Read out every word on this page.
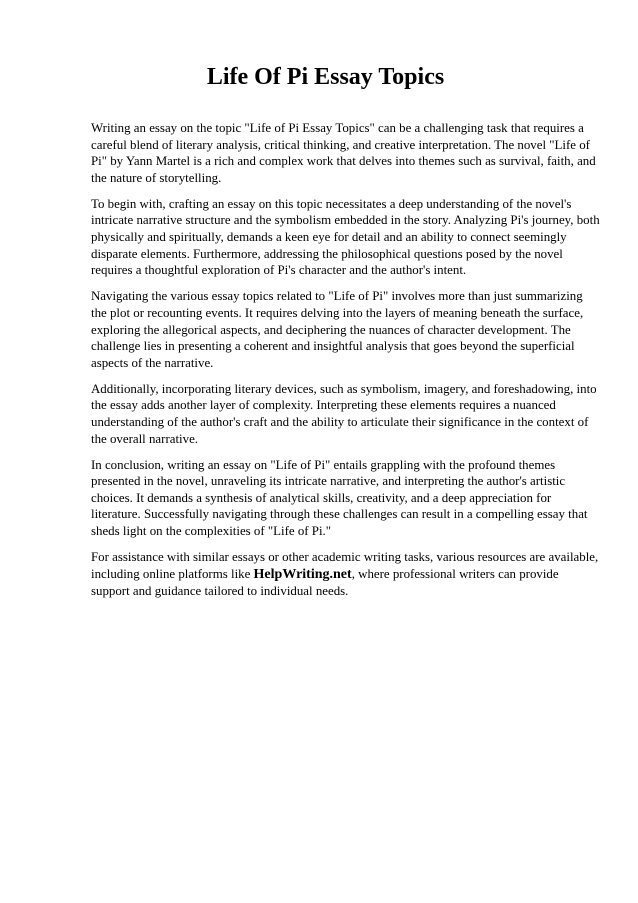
Life Of Pi Essay Topics

Writing an essay on the topic "Life of Pi Essay Topics" can be a challenging task that requires a careful blend of literary analysis, critical thinking, and creative interpretation. The novel "Life of Pi" by Yann Martel is a rich and complex work that delves into themes such as survival, faith, and the nature of storytelling.

To begin with, crafting an essay on this topic necessitates a deep understanding of the novel's intricate narrative structure and the symbolism embedded in the story. Analyzing Pi's journey, both physically and spiritually, demands a keen eye for detail and an ability to connect seemingly disparate elements. Furthermore, addressing the philosophical questions posed by the novel requires a thoughtful exploration of Pi's character and the author's intent.

Navigating the various essay topics related to "Life of Pi" involves more than just summarizing the plot or recounting events. It requires delving into the layers of meaning beneath the surface, exploring the allegorical aspects, and deciphering the nuances of character development. The challenge lies in presenting a coherent and insightful analysis that goes beyond the superficial aspects of the narrative.

Additionally, incorporating literary devices, such as symbolism, imagery, and foreshadowing, into the essay adds another layer of complexity. Interpreting these elements requires a nuanced understanding of the author's craft and the ability to articulate their significance in the context of the overall narrative.

In conclusion, writing an essay on "Life of Pi" entails grappling with the profound themes presented in the novel, unraveling its intricate narrative, and interpreting the author's artistic choices. It demands a synthesis of analytical skills, creativity, and a deep appreciation for literature. Successfully navigating through these challenges can result in a compelling essay that sheds light on the complexities of "Life of Pi."

For assistance with similar essays or other academic writing tasks, various resources are available, including online platforms like HelpWriting.net, where professional writers can provide support and guidance tailored to individual needs.
